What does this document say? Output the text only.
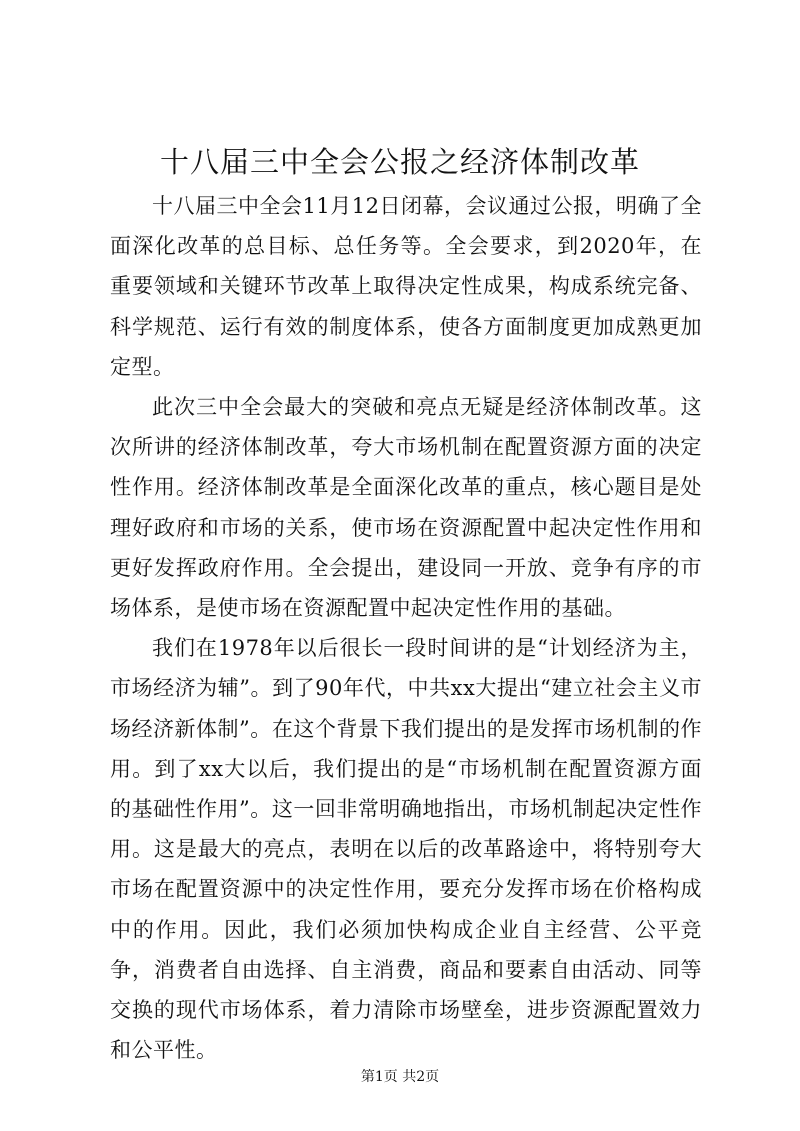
十八届三中全会公报之经济体制改革

十八届三中全会11月12日闭幕，会议通过公报，明确了全面深化改革的总目标、总任务等。全会要求，到2020年，在重要领域和关键环节改革上取得决定性成果，构成系统完备、科学规范、运行有效的制度体系，使各方面制度更加成熟更加定型。

此次三中全会最大的突破和亮点无疑是经济体制改革。这次所讲的经济体制改革，夸大市场机制在配置资源方面的决定性作用。经济体制改革是全面深化改革的重点，核心题目是处理好政府和市场的关系，使市场在资源配置中起决定性作用和更好发挥政府作用。全会提出，建设同一开放、竞争有序的市场体系，是使市场在资源配置中起决定性作用的基础。

我们在1978年以后很长一段时间讲的是“计划经济为主，市场经济为辅”。到了90年代，中共xx大提出“建立社会主义市场经济新体制”。在这个背景下我们提出的是发挥市场机制的作用。到了xx大以后，我们提出的是“市场机制在配置资源方面的基础性作用”。这一回非常明确地指出，市场机制起决定性作用。这是最大的亮点，表明在以后的改革路途中，将特别夸大市场在配置资源中的决定性作用，要充分发挥市场在价格构成中的作用。因此，我们必须加快构成企业自主经营、公平竞争，消费者自由选择、自主消费，商品和要素自由活动、同等交换的现代市场体系，着力清除市场壁垒，进步资源配置效力和公平性。

第1页 共2页
